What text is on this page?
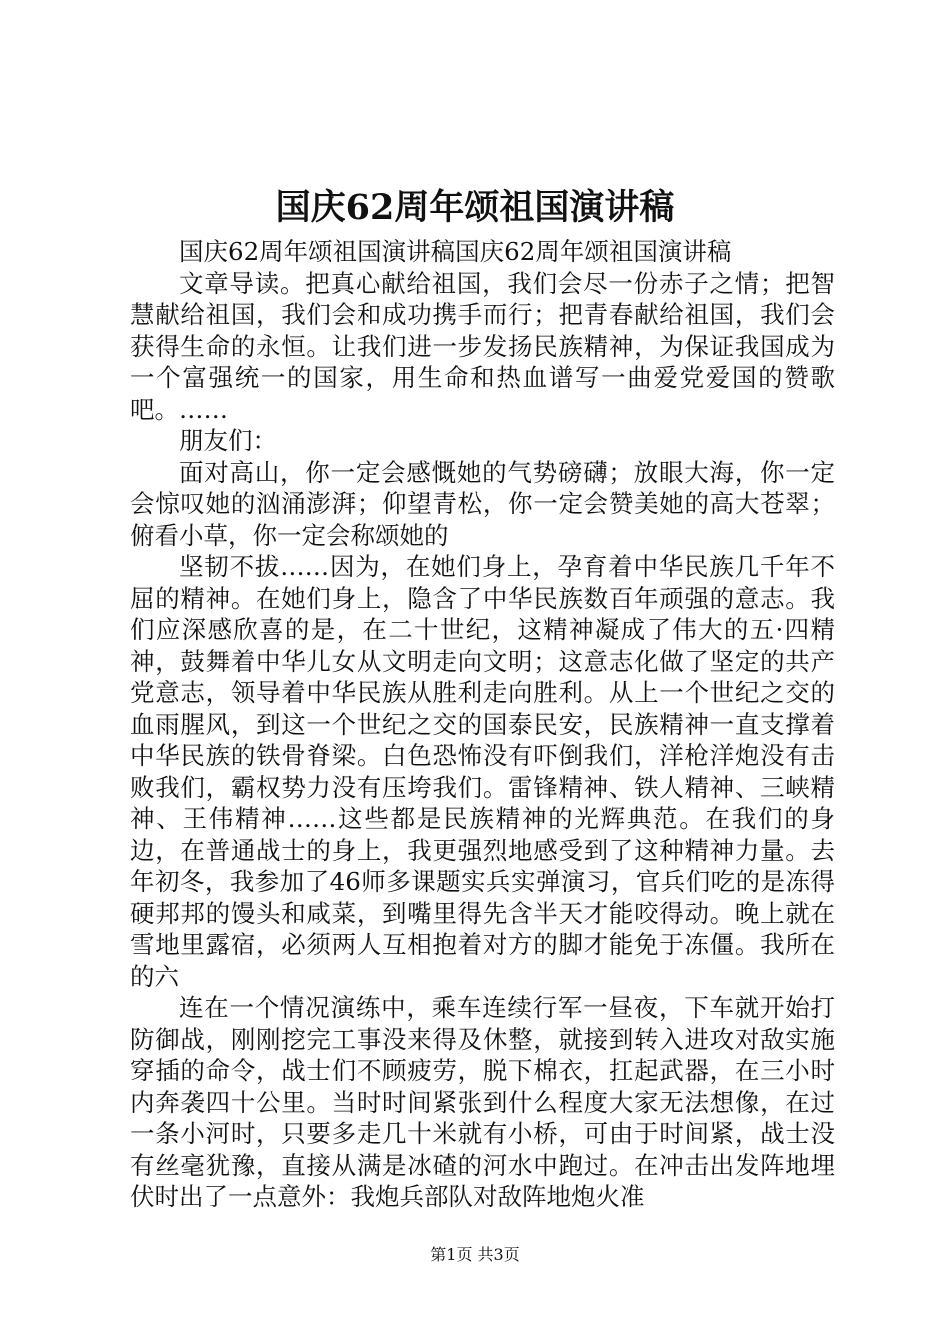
国庆62周年颂祖国演讲稿

国庆62周年颂祖国演讲稿国庆62周年颂祖国演讲稿

文章导读。把真心献给祖国，我们会尽一份赤子之情；把智慧献给祖国，我们会和成功携手而行；把青春献给祖国，我们会获得生命的永恒。让我们进一步发扬民族精神，为保证我国成为一个富强统一的国家，用生命和热血谱写一曲爱党爱国的赞歌吧。……

朋友们：

面对高山，你一定会感慨她的气势磅礴；放眼大海，你一定会惊叹她的汹涌澎湃；仰望青松，你一定会赞美她的高大苍翠；俯看小草，你一定会称颂她的

坚韧不拔……因为，在她们身上，孕育着中华民族几千年不屈的精神。在她们身上，隐含了中华民族数百年顽强的意志。我们应深感欣喜的是，在二十世纪，这精神凝成了伟大的五·四精神，鼓舞着中华儿女从文明走向文明；这意志化做了坚定的共产党意志，领导着中华民族从胜利走向胜利。从上一个世纪之交的血雨腥风，到这一个世纪之交的国泰民安，民族精神一直支撑着中华民族的铁骨脊梁。白色恐怖没有吓倒我们，洋枪洋炮没有击败我们，霸权势力没有压垮我们。雷锋精神、铁人精神、三峡精神、王伟精神……这些都是民族精神的光辉典范。在我们的身边，在普通战士的身上，我更强烈地感受到了这种精神力量。去年初冬，我参加了46师多课题实兵实弹演习，官兵们吃的是冻得硬邦邦的馒头和咸菜，到嘴里得先含半天才能咬得动。晚上就在雪地里露宿，必须两人互相抱着对方的脚才能免于冻僵。我所在的六

连在一个情况演练中，乘车连续行军一昼夜，下车就开始打防御战，刚刚挖完工事没来得及休整，就接到转入进攻对敌实施穿插的命令，战士们不顾疲劳，脱下棉衣，扛起武器，在三小时内奔袭四十公里。当时时间紧张到什么程度大家无法想像，在过一条小河时，只要多走几十米就有小桥，可由于时间紧，战士没有丝毫犹豫，直接从满是冰碴的河水中跑过。在冲击出发阵地埋伏时出了一点意外：我炮兵部队对敌阵地炮火准

第1页 共3页
